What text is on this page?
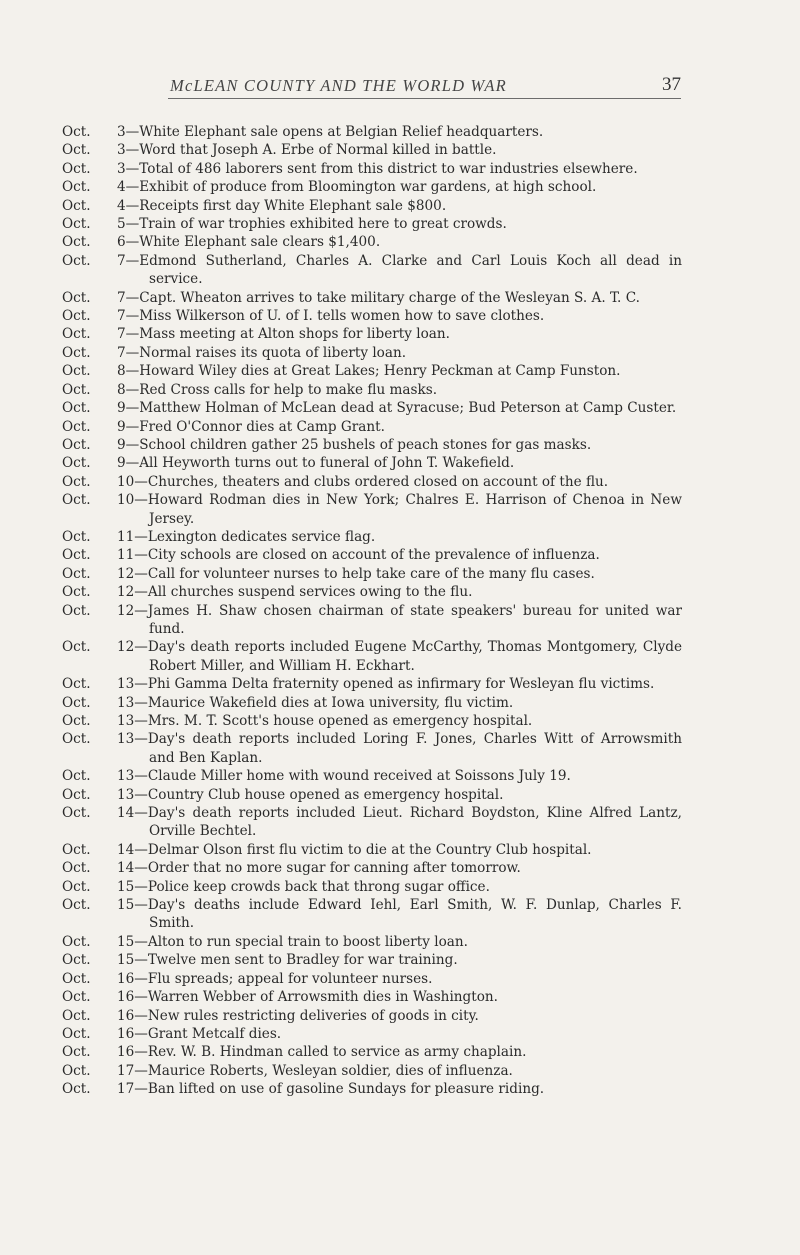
McLEAN COUNTY AND THE WORLD WAR	37
Oct. 3—White Elephant sale opens at Belgian Relief headquarters.
Oct. 3—Word that Joseph A. Erbe of Normal killed in battle.
Oct. 3—Total of 486 laborers sent from this district to war industries elsewhere.
Oct. 4—Exhibit of produce from Bloomington war gardens, at high school.
Oct. 4—Receipts first day White Elephant sale $800.
Oct. 5—Train of war trophies exhibited here to great crowds.
Oct. 6—White Elephant sale clears $1,400.
Oct. 7—Edmond Sutherland, Charles A. Clarke and Carl Louis Koch all dead in service.
Oct. 7—Capt. Wheaton arrives to take military charge of the Wesleyan S. A. T. C.
Oct. 7—Miss Wilkerson of U. of I. tells women how to save clothes.
Oct. 7—Mass meeting at Alton shops for liberty loan.
Oct. 7—Normal raises its quota of liberty loan.
Oct. 8—Howard Wiley dies at Great Lakes; Henry Peckman at Camp Funston.
Oct. 8—Red Cross calls for help to make flu masks.
Oct. 9—Matthew Holman of McLean dead at Syracuse; Bud Peterson at Camp Custer.
Oct. 9—Fred O'Connor dies at Camp Grant.
Oct. 9—School children gather 25 bushels of peach stones for gas masks.
Oct. 9—All Heyworth turns out to funeral of John T. Wakefield.
Oct. 10—Churches, theaters and clubs ordered closed on account of the flu.
Oct. 10—Howard Rodman dies in New York; Chalres E. Harrison of Chenoa in New Jersey.
Oct. 11—Lexington dedicates service flag.
Oct. 11—City schools are closed on account of the prevalence of influenza.
Oct. 12—Call for volunteer nurses to help take care of the many flu cases.
Oct. 12—All churches suspend services owing to the flu.
Oct. 12—James H. Shaw chosen chairman of state speakers' bureau for united war fund.
Oct. 12—Day's death reports included Eugene McCarthy, Thomas Montgomery, Clyde Robert Miller, and William H. Eckhart.
Oct. 13—Phi Gamma Delta fraternity opened as infirmary for Wesleyan flu victims.
Oct. 13—Maurice Wakefield dies at Iowa university, flu victim.
Oct. 13—Mrs. M. T. Scott's house opened as emergency hospital.
Oct. 13—Day's death reports included Loring F. Jones, Charles Witt of Arrowsmith and Ben Kaplan.
Oct. 13—Claude Miller home with wound received at Soissons July 19.
Oct. 13—Country Club house opened as emergency hospital.
Oct. 14—Day's death reports included Lieut. Richard Boydston, Kline Alfred Lantz, Orville Bechtel.
Oct. 14—Delmar Olson first flu victim to die at the Country Club hospital.
Oct. 14—Order that no more sugar for canning after tomorrow.
Oct. 15—Police keep crowds back that throng sugar office.
Oct. 15—Day's deaths include Edward Iehl, Earl Smith, W. F. Dunlap, Charles F. Smith.
Oct. 15—Alton to run special train to boost liberty loan.
Oct. 15—Twelve men sent to Bradley for war training.
Oct. 16—Flu spreads; appeal for volunteer nurses.
Oct. 16—Warren Webber of Arrowsmith dies in Washington.
Oct. 16—New rules restricting deliveries of goods in city.
Oct. 16—Grant Metcalf dies.
Oct. 16—Rev. W. B. Hindman called to service as army chaplain.
Oct. 17—Maurice Roberts, Wesleyan soldier, dies of influenza.
Oct. 17—Ban lifted on use of gasoline Sundays for pleasure riding.
